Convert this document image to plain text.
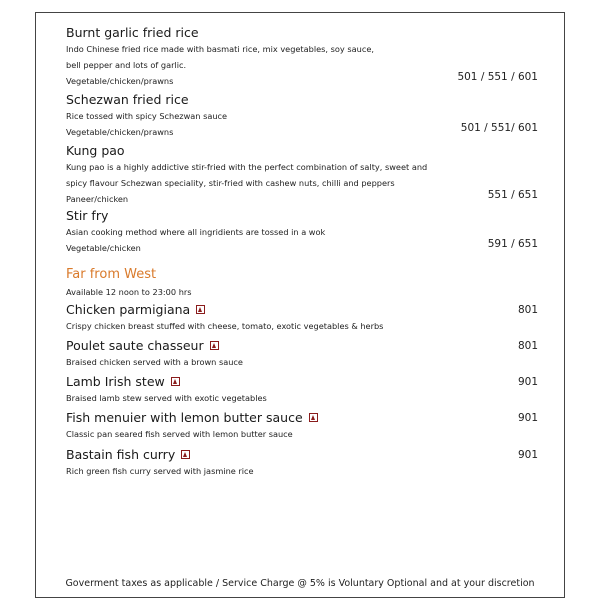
Burnt garlic fried rice
Indo Chinese fried rice made with basmati rice, mix vegetables, soy sauce,
bell pepper and lots of garlic.
Vegetable/chicken/prawns	501 / 551 / 601
Schezwan fried rice
Rice tossed with spicy Schezwan sauce
Vegetable/chicken/prawns	501 / 551/ 601
Kung pao
Kung pao is a highly addictive stir-fried with the perfect combination of salty, sweet and
spicy flavour Schezwan speciality, stir-fried with cashew nuts, chilli and peppers
Paneer/chicken	551 / 651
Stir fry
Asian cooking method where all ingridients are tossed in a wok
Vegetable/chicken	591 / 651
Far from West
Available 12 noon to 23:00 hrs
Chicken parmigiana
Crispy chicken breast stuffed with cheese, tomato, exotic vegetables & herbs
801
Poulet saute chasseur
Braised chicken served with a brown sauce
801
Lamb Irish stew
Braised lamb stew served with exotic vegetables
901
Fish menuier with lemon butter sauce
Classic pan seared fish served with lemon butter sauce
901
Bastain fish curry
Rich green fish curry served with jasmine rice
901
Goverment taxes as applicable / Service Charge @ 5% is Voluntary Optional and at your discretion
